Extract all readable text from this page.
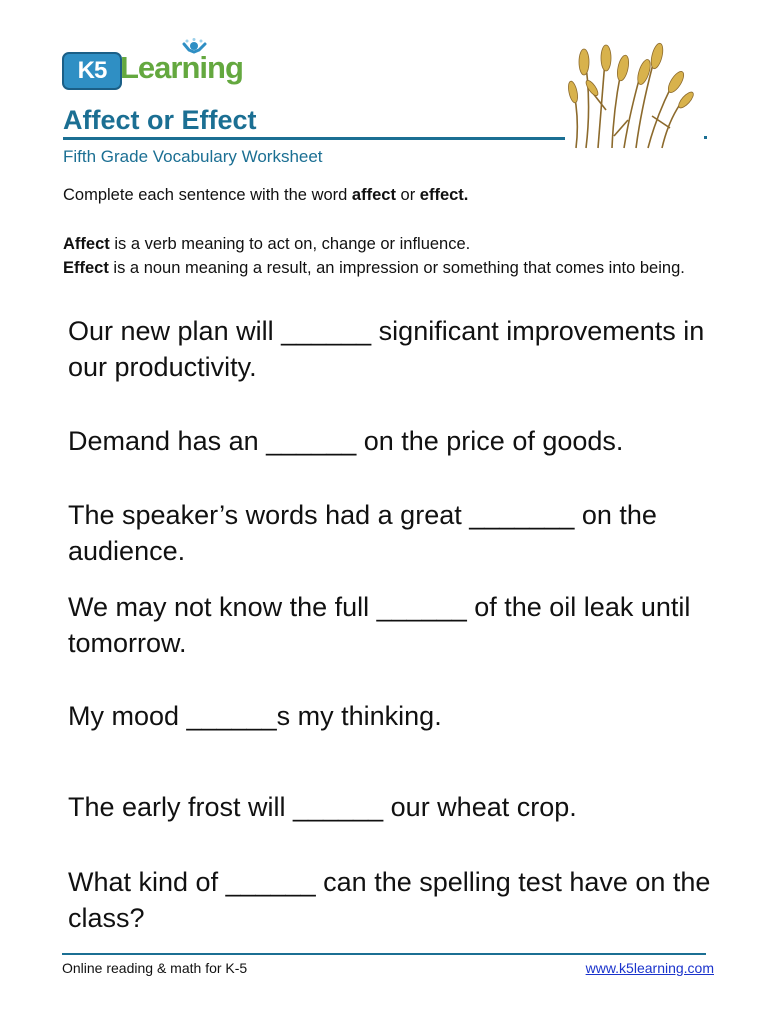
K5 Learning
Affect or Effect
Fifth Grade Vocabulary Worksheet
Complete each sentence with the word affect or effect.
Affect is a verb meaning to act on, change or influence.
Effect is a noun meaning a result, an impression or something that comes into being.
Our new plan will ______ significant improvements in our productivity.
Demand has an ______ on the price of goods.
The speaker’s words had a great _______ on the audience.
We may not know the full ______ of the oil leak until tomorrow.
My mood ______s my thinking.
The early frost will ______ our wheat crop.
What kind of ______ can the spelling test have on the class?
Online reading & math for K-5	www.k5learning.com
